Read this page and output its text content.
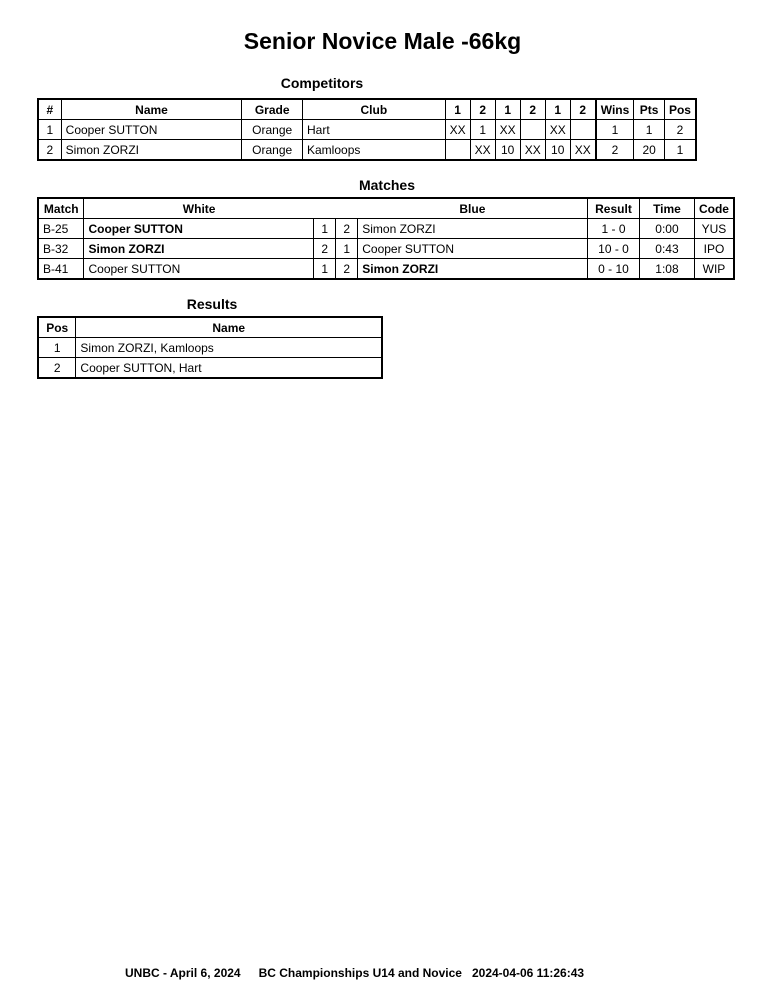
Senior Novice Male -66kg
Competitors
#	Name	Grade	Club	1	2	1	2	1	2	Wins	Pts	Pos
1	Cooper SUTTON	Orange	Hart	XX	1	XX		XX		1	1	2
2	Simon ZORZI	Orange	Kamloops		XX	10	XX	10	XX	2	20	1
Matches
Match	White			Blue	Result	Time	Code
B-25	Cooper SUTTON	1	2	Simon ZORZI	1 - 0	0:00	YUS
B-32	Simon ZORZI	2	1	Cooper SUTTON	10 - 0	0:43	IPO
B-41	Cooper SUTTON	1	2	Simon ZORZI	0 - 10	1:08	WIP
Results
Pos	Name
1	Simon ZORZI, Kamloops
2	Cooper SUTTON, Hart
UNBC - April 6, 2024 BC Championships U14 and Novice 2024-04-06 11:26:43
